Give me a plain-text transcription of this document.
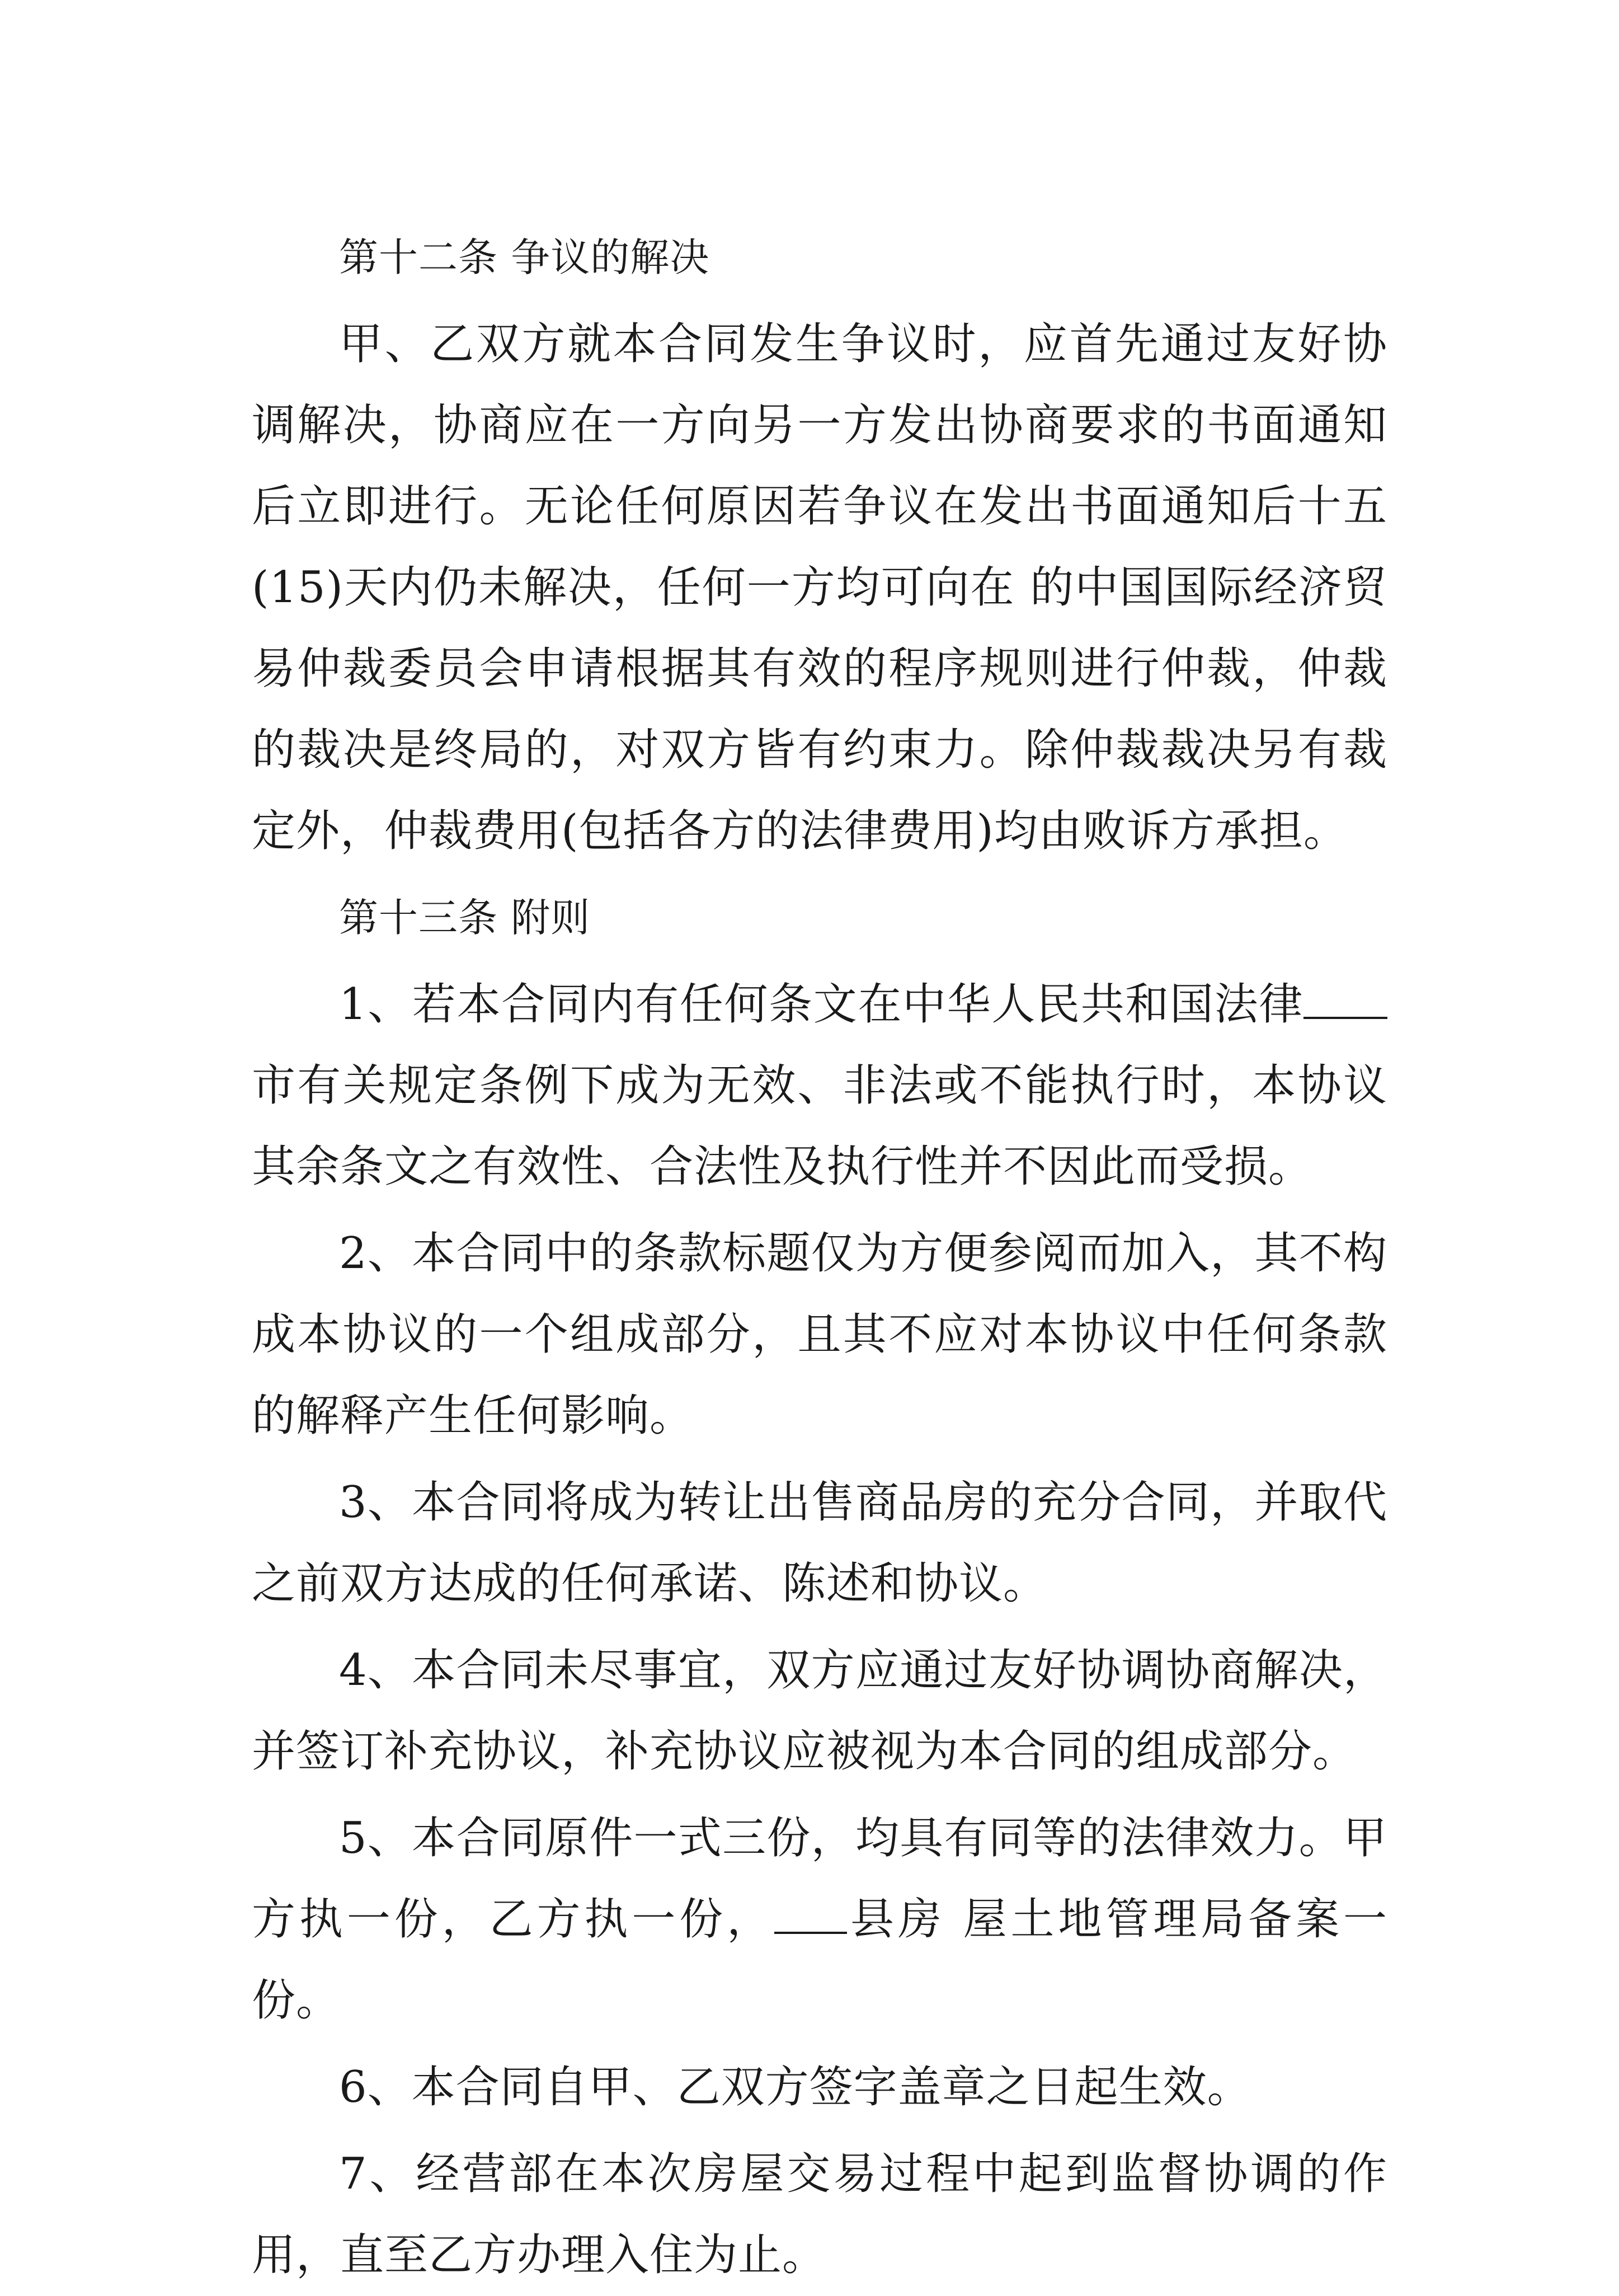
第十二条 争议的解决

甲、乙双方就本合同发生争议时，应首先通过友好协调解决，协商应在一方向另一方发出协商要求的书面通知后立即进行。无论任何原因若争议在发出书面通知后十五(15)天内仍未解决，任何一方均可向在 的中国国际经济贸易仲裁委员会申请根据其有效的程序规则进行仲裁，仲裁的裁决是终局的，对双方皆有约束力。除仲裁裁决另有裁定外，仲裁费用(包括各方的法律费用)均由败诉方承担。

第十三条 附则

1、若本合同内有任何条文在中华人民共和国法律市有关规定条例下成为无效、非法或不能执行时，本协议其余条文之有效性、合法性及执行性并不因此而受损。

2、本合同中的条款标题仅为方便参阅而加入，其不构成本协议的一个组成部分，且其不应对本协议中任何条款的解释产生任何影响。

3、本合同将成为转让出售商品房的充分合同，并取代之前双方达成的任何承诺、陈述和协议。

4、本合同未尽事宜，双方应通过友好协调协商解决，并签订补充协议，补充协议应被视为本合同的组成部分。

5、本合同原件一式三份，均具有同等的法律效力。甲方执一份，乙方执一份， 县房 屋土地管理局备案一份。

6、本合同自甲、乙双方签字盖章之日起生效。

7、经营部在本次房屋交易过程中起到监督协调的作用，直至乙方办理入住为止。
